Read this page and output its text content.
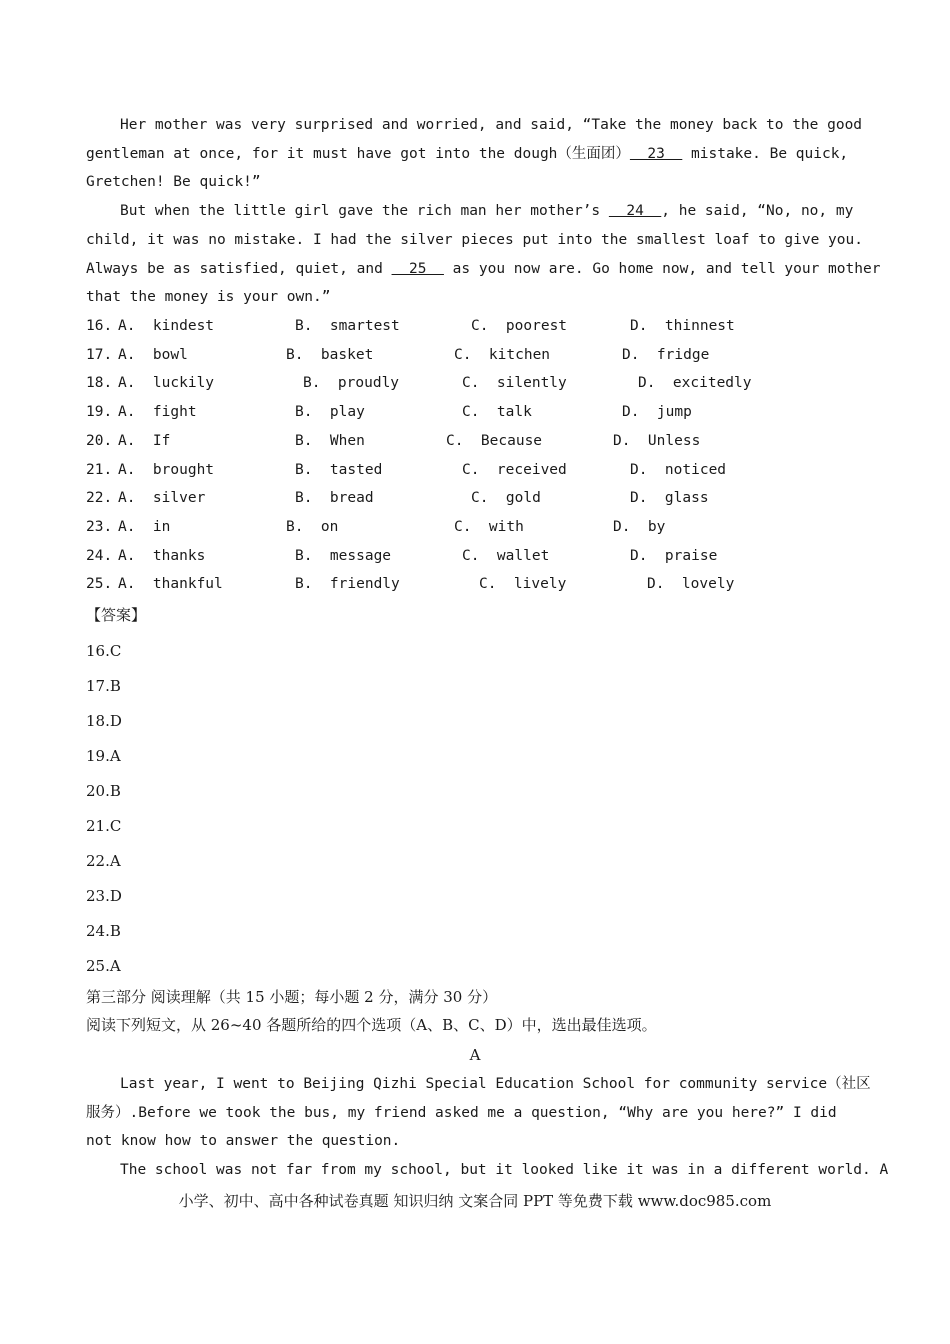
Her mother was very surprised and worried, and said, “Take the money back to the good
gentleman at once, for it must have got into the dough（生面团）  23   mistake. Be quick,
Gretchen! Be quick!”
But when the little girl gave the rich man her mother’s   24  , he said, “No, no, my
child, it was no mistake. I had the silver pieces put into the smallest loaf to give you.
Always be as satisfied, quiet, and   25   as you now are. Go home now, and tell your mother
that the money is your own.”

16.

A.  kindest

	B.  smartest

	C.  poorest

	D.  thinnest

17.

A.  bowl

	B.  basket

	C.  kitchen

	D.  fridge

18.

A.  luckily

	B.  proudly

	C.  silently

	D.  excitedly

19.

A.  fight

	B.  play

	C.  talk

	D.  jump

20.

A.  If

	B.  When

	C.  Because

	D.  Unless

21.

A.  brought

	B.  tasted

	C.  received

	D.  noticed

22.

A.  silver

	B.  bread

	C.  gold

	D.  glass

23.

A.  in

	B.  on

	C.  with

	D.  by

24.

A.  thanks

	B.  message

	C.  wallet

	D.  praise

25.

A.  thankful

	B.  friendly

	C.  lively

	D.  lovely

【答案】
16.C
17.B
18.D
19.A
20.B
21.C
22.A
23.D
24.B
25.A
第三部分 阅读理解（共 15 小题；每小题 2 分，满分 30 分）
阅读下列短文，从 26~40 各题所给的四个选项（A、B、C、D）中，选出最佳选项。
A
Last year, I went to Beijing Qizhi Special Education School for community service（社区
服务）.Before we took the bus, my friend asked me a question, “Why are you here?” I did
not know how to answer the question.
The school was not far from my school, but it looked like it was in a different world. A
小学、初中、高中各种试卷真题 知识归纳 文案合同 PPT 等免费下载 www.doc985.com
